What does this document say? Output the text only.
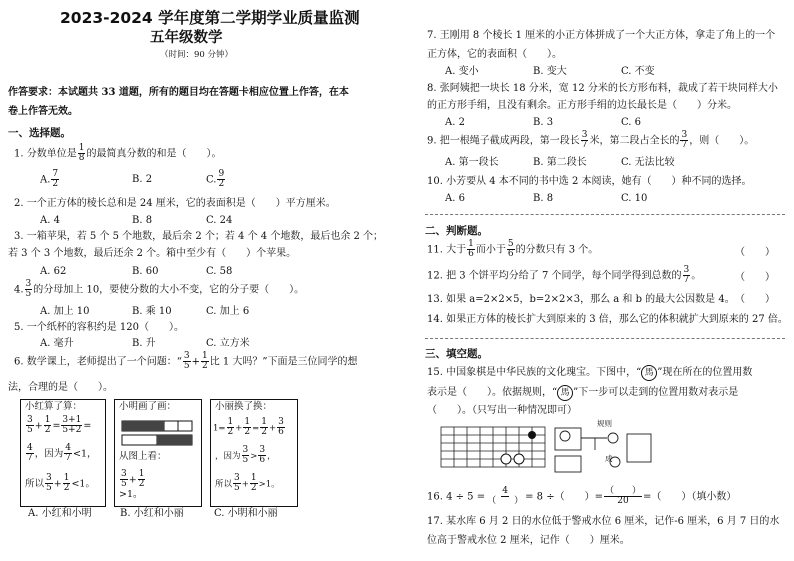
2023-2024 学年度第二学期学业质量监测
五年级数学
（时间：90 分钟）
作答要求：本试题共 33 道题，所有的题目均在答题卡相应位置上作答，在本
卷上作答无效。
一、选择题。
1. 分数单位是 $\frac{1}{8}$ 的最简真分数的和是（　　）。
A. $\frac{7}{2}$	B. 2	C. $\frac{9}{2}$
2. 一个正方体的棱长总和是 24 厘米，它的表面积是（　　）平方厘米。
A. 4	B. 8	C. 24
3. 一箱苹果，若 5 个 5 个地数，最后余 2 个；若 4 个 4 个地数，最后也余 2 个；
若 3 个 3 个地数，最后还余 2 个。箱中至少有（　　）个苹果。
A. 62	B. 60	C. 58
4. $\frac{3}{5}$ 的分母加上 10，要使分数的大小不变，它的分子要（　　）。
A. 加上 10	B. 乘 10	C. 加上 6
5. 一个纸杯的容积约是 120（　　）。
A. 毫升	B. 升	C. 立方米
6. 数学课上，老师提出了一个问题：“ $\frac{3}{5} + \frac{1}{2}$ 比 1 大吗？”下面是三位同学的想
法，合理的是（　　）。
小红算了算：
$\frac{3}{5} + \frac{1}{2} = \frac{3+1}{5+2}$ =
$\frac{4}{7}$ ，因为 $\frac{4}{7} <1$，
所以 $\frac{3}{5} + \frac{1}{2} <1$。
小明画了画：
从图上看：
$\frac{3}{5} + \frac{1}{2}$
>1。
小丽换了换：
$1= \frac{1}{2} + \frac{1}{2} = \frac{1}{2} + \frac{3}{6}$
，因为 $\frac{3}{5} > \frac{3}{6}$ ，
所以 $\frac{3}{5} + \frac{1}{2} >1$。
A. 小红和小明	B. 小红和小丽	C. 小明和小丽
7. 王刚用 8 个棱长 1 厘米的小正方体拼成了一个大正方体，拿走了角上的一个
正方体，它的表面积（　　）。
A. 变小	B. 变大	C. 不变
8. 张阿姨把一块长 18 分米，宽 12 分米的长方形布料，裁成了若干块同样大小
的正方形手绢，且没有剩余。正方形手绢的边长最长是（　　）分米。
A. 2	B. 3	C. 6
9. 把一根绳子截成两段，第一段长 $\frac{3}{7}$ 米，第二段占全长的 $\frac{3}{7}$ ，则（　　）。
A. 第一段长	B. 第二段长	C. 无法比较
10. 小芳要从 4 本不同的书中选 2 本阅读，她有（　　）种不同的选择。
A. 6	B. 8	C. 10
二、判断题。
11. 大于 $\frac{1}{6}$ 而小于 $\frac{5}{6}$ 的分数只有 3 个。	（　　）
12. 把 3 个饼平均分给了 7 个同学，每个同学得到总数的 $\frac{3}{7}$ 。	（　　）
13. 如果 a=2×2×5，b=2×2×3，那么 a 和 b 的最大公因数是 4。 （　　）
14. 如果正方体的棱长扩大到原来的 3 倍，那么它的体积就扩大到原来的 27 倍。
三、填空题。
15. 中国象棋是中华民族的文化瑰宝。下图中，“ 馬 ”现在所在的位置用数
表示是（　　）。依据规则，“ 馬 ”下一步可以走到的位置用数对表示是
（　　）。（只写出一种情况即可）
规则
成
16. $4 \div 5 = \frac{4}{( )} = 8$ ÷（　　）= $\frac{( )}{20}$ =（　　）（填小数）
17. 某水库 6 月 2 日的水位低于警戒水位 6 厘米，记作-6 厘米，6 月 7 日的水
位高于警戒水位 2 厘米，记作（　　）厘米。
